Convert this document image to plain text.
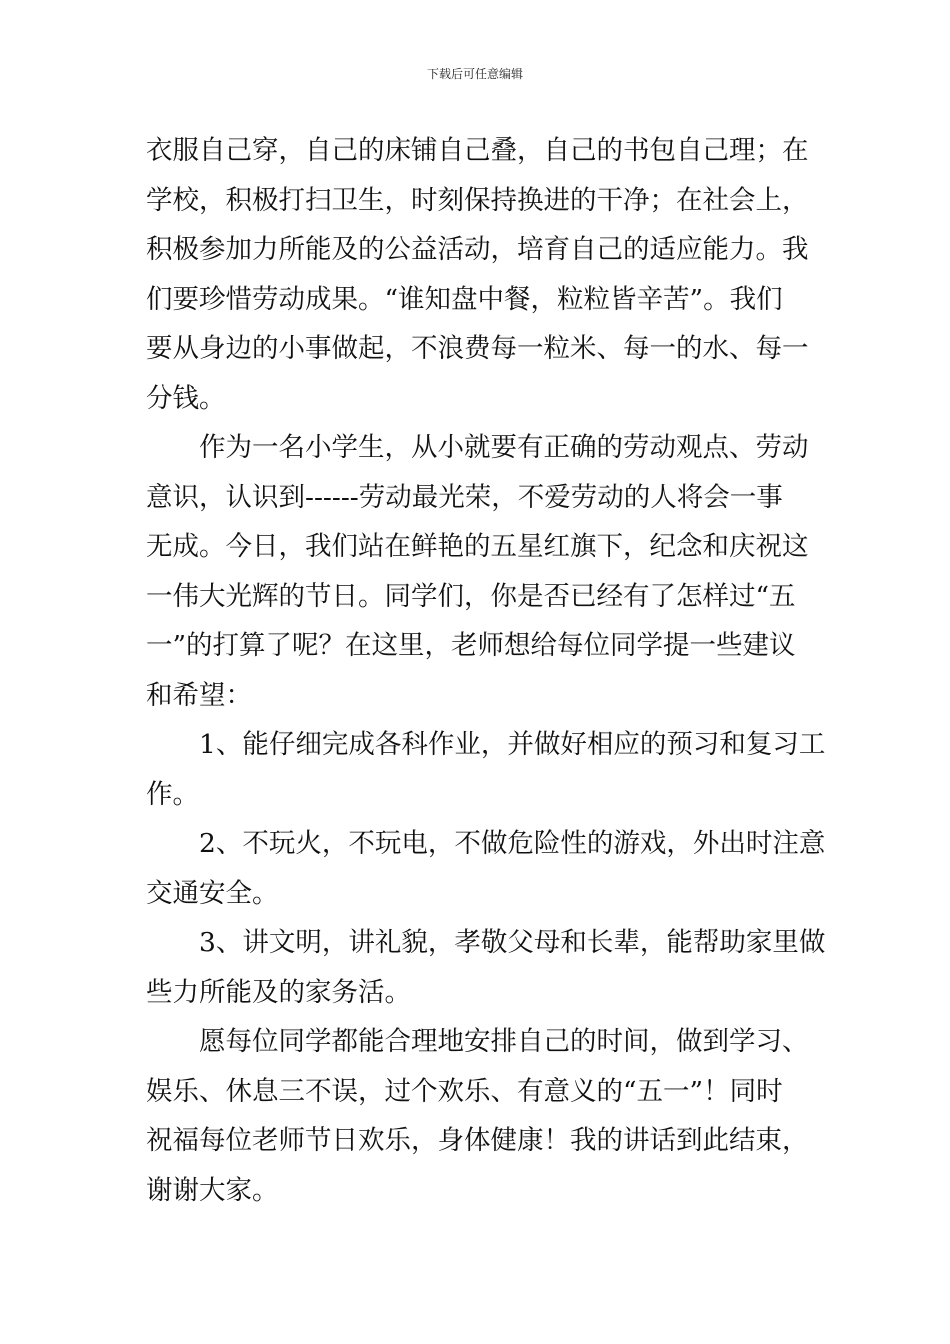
下载后可任意编辑
衣服自己穿，自己的床铺自己叠，自己的书包自己理；在
学校，积极打扫卫生，时刻保持换进的干净；在社会上，
积极参加力所能及的公益活动，培育自己的适应能力。我
们要珍惜劳动成果。“谁知盘中餐，粒粒皆辛苦”。我们
要从身边的小事做起，不浪费每一粒米、每一的水、每一
分钱。
作为一名小学生，从小就要有正确的劳动观点、劳动
意识，认识到------劳动最光荣，不爱劳动的人将会一事
无成。今日，我们站在鲜艳的五星红旗下，纪念和庆祝这
一伟大光辉的节日。同学们，你是否已经有了怎样过“五
一”的打算了呢？在这里，老师想给每位同学提一些建议
和希望：
1、能仔细完成各科作业，并做好相应的预习和复习工
作。
2、不玩火，不玩电，不做危险性的游戏，外出时注意
交通安全。
3、讲文明，讲礼貌，孝敬父母和长辈，能帮助家里做
些力所能及的家务活。
愿每位同学都能合理地安排自己的时间，做到学习、
娱乐、休息三不误，过个欢乐、有意义的“五一”！同时
祝福每位老师节日欢乐，身体健康！我的讲话到此结束，
谢谢大家。
